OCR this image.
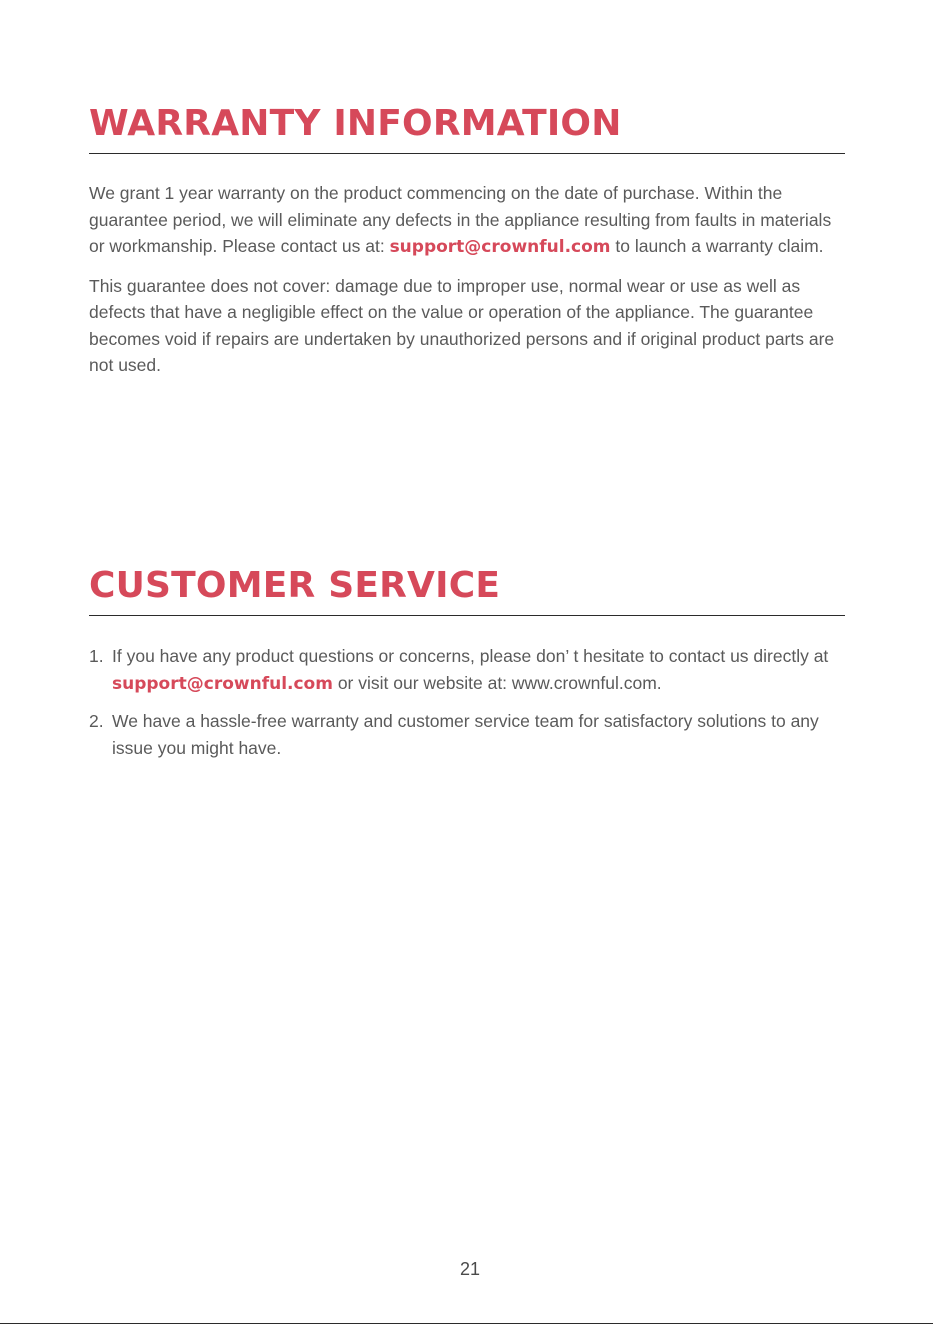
WARRANTY INFORMATION

We grant 1 year warranty on the product commencing on the date of purchase. Within the guarantee period, we will eliminate any defects in the appliance resulting from faults in materials or workmanship. Please contact us at: support@crownful.com to launch a warranty claim.

This guarantee does not cover: damage due to improper use, normal wear or use as well as defects that have a negligible effect on the value or operation of the appliance. The guarantee becomes void if repairs are undertaken by unauthorized persons and if original product parts are not used.

CUSTOMER SERVICE
1. If you have any product questions or concerns, please don’ t hesitate to contact us directly at support@crownful.com or visit our website at: www.crownful.com.
2. We have a hassle-free warranty and customer service team for satisfactory solutions to any issue you might have.
21
